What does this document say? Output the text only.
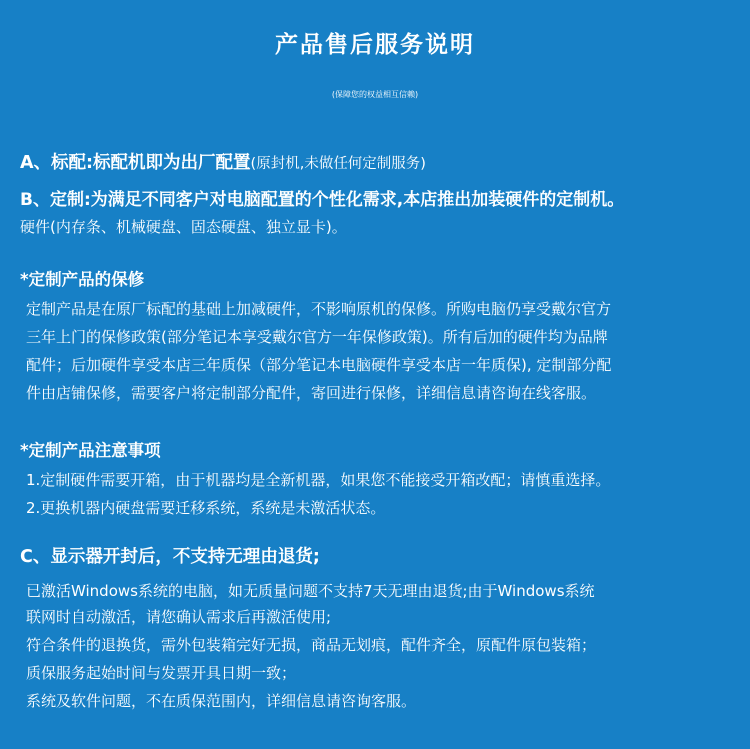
产品售后服务说明
(保障您的权益相互信赖)
A、标配:标配机即为出厂配置(原封机,未做任何定制服务)
B、定制:为满足不同客户对电脑配置的个性化需求,本店推出加装硬件的定制机。
硬件(内存条、机械硬盘、固态硬盘、独立显卡)。
*定制产品的保修
定制产品是在原厂标配的基础上加减硬件，不影响原机的保修。所购电脑仍享受戴尔官方
三年上门的保修政策(部分笔记本享受戴尔官方一年保修政策)。所有后加的硬件均为品牌
配件；后加硬件享受本店三年质保（部分笔记本电脑硬件享受本店一年质保), 定制部分配
件由店铺保修，需要客户将定制部分配件，寄回进行保修，详细信息请咨询在线客服。
*定制产品注意事项
1.定制硬件需要开箱，由于机器均是全新机器，如果您不能接受开箱改配；请慎重选择。
2.更换机器内硬盘需要迁移系统，系统是未激活状态。
C、显示器开封后，不支持无理由退货;
已激活Windows系统的电脑，如无质量问题不支持7天无理由退货;由于Windows系统
联网时自动激活，请您确认需求后再激活使用;
符合条件的退换货，需外包装箱完好无损，商品无划痕，配件齐全，原配件原包装箱；
质保服务起始时间与发票开具日期一致；
系统及软件问题，不在质保范围内，详细信息请咨询客服。
